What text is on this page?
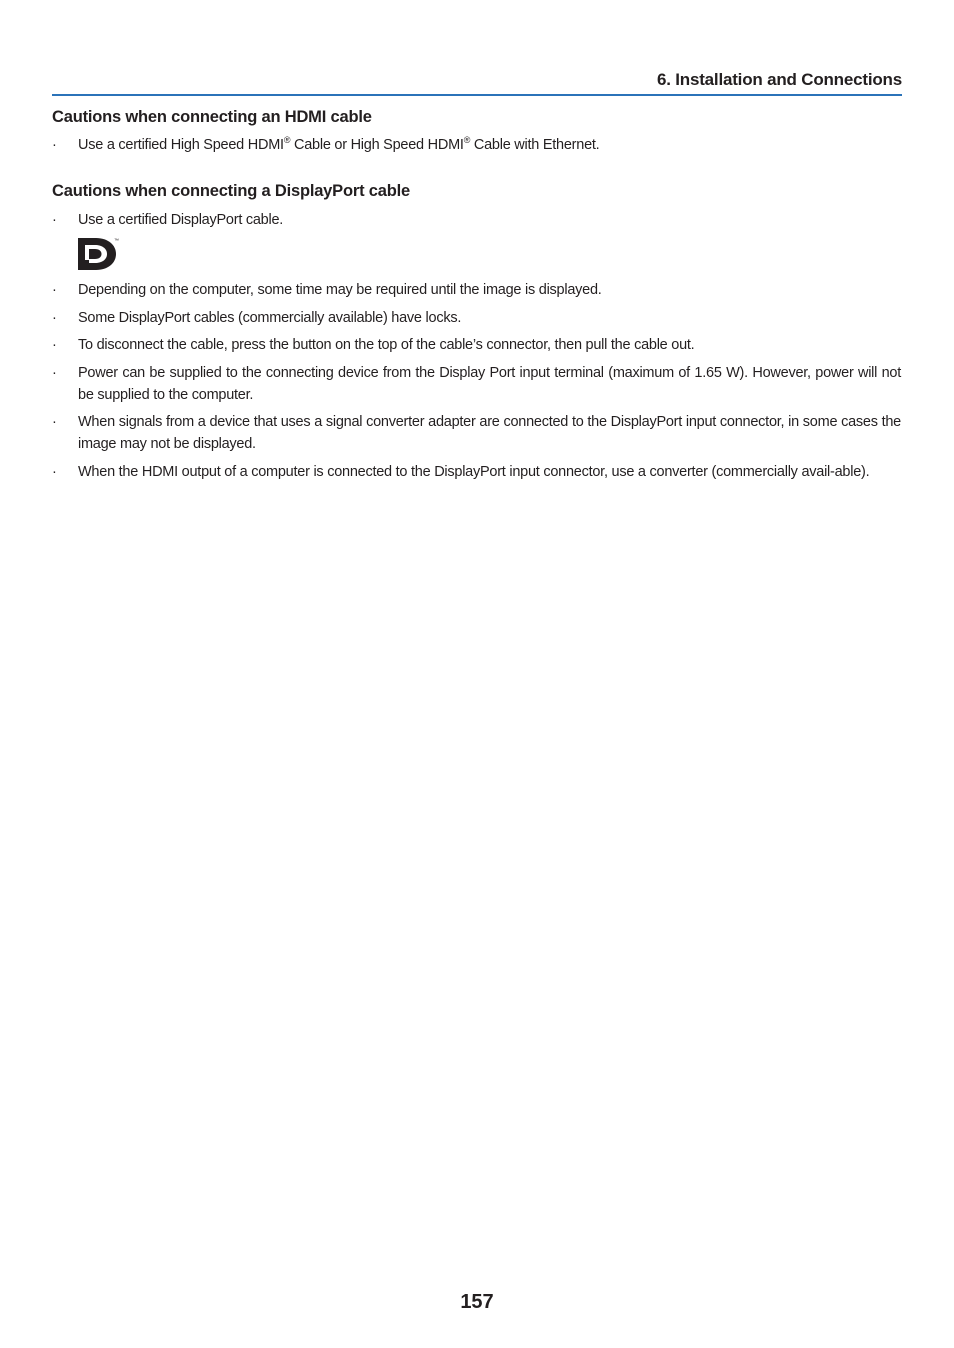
6. Installation and Connections
Cautions when connecting an HDMI cable
·	Use a certified High Speed HDMI® Cable or High Speed HDMI® Cable with Ethernet.
Cautions when connecting a DisplayPort cable
·	Use a certified DisplayPort cable.
™
·	Depending on the computer, some time may be required until the image is displayed.
·	Some DisplayPort cables (commercially available) have locks.
·	To disconnect the cable, press the button on the top of the cable’s connector, then pull the cable out.
·	Power can be supplied to the connecting device from the Display Port input terminal (maximum of 1.65 W). However, power will not be supplied to the computer.
·	When signals from a device that uses a signal converter adapter are connected to the DisplayPort input connector, in some cases the image may not be displayed.
·	When the HDMI output of a computer is connected to the DisplayPort input connector, use a converter (commercially avail-able).
157
